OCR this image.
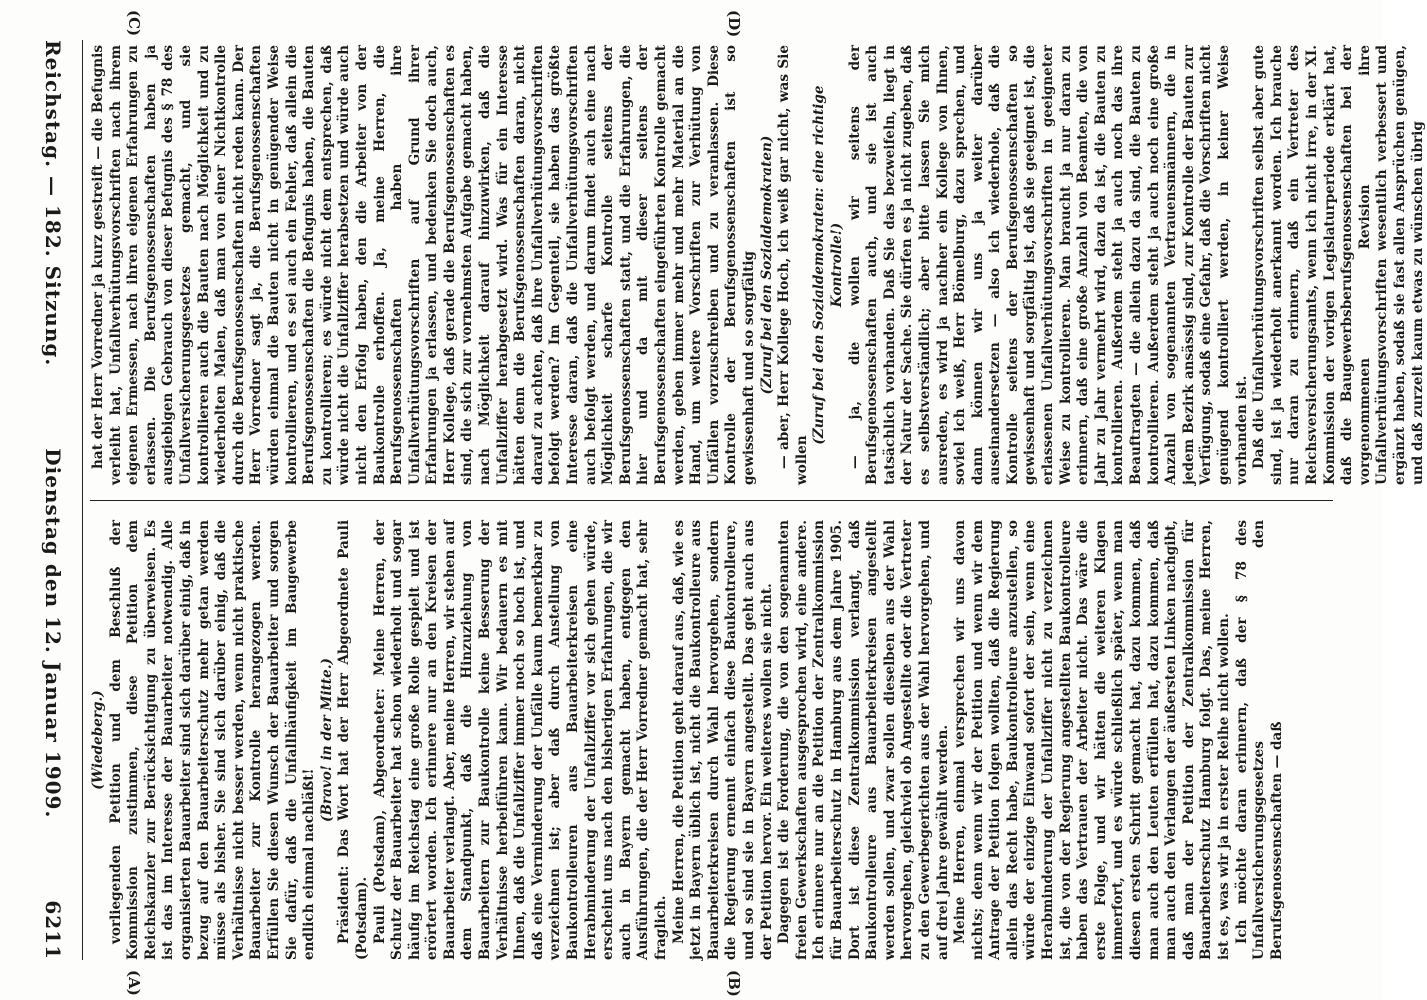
Reichstag. — 182. Sitzung.
Dienstag den 12. Januar 1909.
6211
(A)	(B)
(C)	(D)

(Wiedeberg.) vorliegenden Petition und dem Beschluß der Kommission zustimmen, diese Petition dem Reichskanzler zur Berücksichtigung zu überweisen. Es ist das im Interesse der Bauarbeiter notwendig. Alle organisierten Bauarbeiter sind sich darüber einig, daß in bezug auf den Bauarbeiterschutz mehr getan werden müsse als bisher. Sie sind sich darüber einig, daß die Verhältnisse nicht besser werden, wenn nicht praktische Bauarbeiter zur Kontrolle herangezogen werden. Erfüllen Sie diesen Wunsch der Bauarbeiter und sorgen Sie dafür, daß die Unfallhäufigkeit im Baugewerbe endlich einmal nachläßt!

(Bravo! in der Mitte.) Präsident: Das Wort hat der Herr Abgeordnete Pauli (Potsdam). Pauli (Potsdam), Abgeordneter: Meine Herren, der Schutz der Bauarbeiter hat schon wiederholt und sogar häufig im Reichstag eine große Rolle gespielt und ist erörtert worden. Ich erinnere nur an den Kreisen der Bauarbeiter verlangt. Aber, meine Herren, wir stehen auf dem Standpunkt, daß die Hinzuziehung von Bauarbeitern zur Baukontrolle keine Besserung der Verhältnisse herbeiführen kann. Wir bedauern es mit Ihnen, daß die Unfallziffer immer noch so hoch ist, und daß eine Verminderung der Unfälle kaum bemerkbar zu verzeichnen ist; aber daß durch Anstellung von Baukontrolleuren aus Bauarbeiterkreisen eine Herabminderung der Unfallziffer vor sich gehen würde, erscheint uns nach den bisherigen Erfahrungen, die wir auch in Bayern gemacht haben, entgegen den Ausführungen, die der Herr Vorredner gemacht hat, sehr fraglich. Meine Herren, die Petition geht darauf aus, daß, wie es jetzt in Bayern üblich ist, nicht die Baukontrolleure aus Bauarbeiterkreisen durch Wahl hervorgehen, sondern die Regierung ernennt einfach diese Baukontrolleure, und so sind sie in Bayern angestellt. Das geht auch aus der Petition hervor. Ein weiteres wollen sie nicht. Dagegen ist die Forderung, die von den sogenannten freien Gewerkschaften ausgesprochen wird, eine andere. Ich erinnere nur an die Petition der Zentralkommission für Bauarbeiterschutz in Hamburg aus dem Jahre 1905. Dort ist diese Zentralkommission verlangt, daß Baukontrolleure aus Bauarbeiterkreisen angestellt werden sollen, und zwar sollen dieselben aus der Wahl hervorgehen, gleichviel ob Angestellte oder die Vertreter zu den Gewerbegerichten aus der Wahl hervorgehen, und auf drei Jahre gewählt werden. Meine Herren, einmal versprechen wir uns davon nichts; denn wenn wir der Petition und wenn wir dem Antrage der Petition folgen wollten, daß die Regierung allein das Recht habe, Baukontrolleure anzustellen, so würde der einzige Einwand sofort der sein, wenn eine Herabminderung der Unfallziffer nicht zu verzeichnen ist, die von der Regierung angestellten Baukontrolleure haben das Vertrauen der Arbeiter nicht. Das wäre die erste Folge, und wir hätten die weiteren Klagen immerfort, und es würde schließlich später, wenn man diesen ersten Schritt gemacht hat, dazu kommen, daß man auch den Leuten erfüllen hat, dazu kommen, daß man auch den Verlangen der äußersten Linken nachgibt, daß man der Petition der Zentralkommission für Bauarbeiterschutz Hamburg folgt. Das, meine Herren, ist es, was wir ja in erster Reihe nicht wollen. Ich möchte daran erinnern, daß der § 78 des Unfallversicherungsgesetzes den Berufsgenossenschaften — daß

hat der Herr Vorredner ja kurz gestreift — die Befugnis verleiht hat, Unfallverhütungsvorschriften nach ihrem eigenen Ermessen, nach ihren eigenen Erfahrungen zu erlassen. Die Berufsgenossenschaften haben ja ausgiebigen Gebrauch von dieser Befugnis des § 78 des Unfallversicherungsgesetzes gemacht, und sie kontrollieren auch die Bauten nach Möglichkeit und zu wiederholten Malen, daß man von einer Nichtkontrolle durch die Berufsgenossenschaften nicht reden kann. Der Herr Vorredner sagt ja, die Berufsgenossenschaften würden einmal die Bauten nicht in genügender Weise kontrollieren, und es sei auch ein Fehler, daß allein die Berufsgenossenschaften die Befugnis haben, die Bauten zu kontrollieren; es würde nicht dem entsprechen, daß würde nicht die Unfallziffer herabsetzen und würde auch nicht den Erfolg haben, den die Arbeiter von der Baukontrolle erhoffen. Ja, meine Herren, die Berufsgenossenschaften haben ihre Unfallverhütungsvorschriften auf Grund ihrer Erfahrungen ja erlassen, und bedenken Sie doch auch, Herr Kollege, daß gerade die Berufsgenossenschaften es sind, die sich zur vornehmsten Aufgabe gemacht haben, nach Möglichkeit darauf hinzuwirken, daß die Unfallziffer herabgesetzt wird. Was für ein Interesse hätten denn die Berufsgenossenschaften daran, nicht darauf zu achten, daß ihre Unfallverhütungsvorschriften befolgt werden? Im Gegenteil, sie haben das größte Interesse daran, daß die Unfallverhütungsvorschriften auch befolgt werden, und darum findet auch eine nach Möglichkeit scharfe Kontrolle seitens der Berufsgenossenschaften statt, und die Erfahrungen, die hier und da mit dieser seitens der Berufsgenossenschaften eingeführten Kontrolle gemacht werden, geben immer mehr und mehr Material an die Hand, um weitere Vorschriften zur Verhütung von Unfällen vorzuschreiben und zu veranlassen. Diese Kontrolle der Berufsgenossenschaften ist so gewissenhaft und so sorgfältig (Zuruf bei den Sozialdemokraten) — aber, Herr Kollege Hoch, ich weiß gar nicht, was Sie wollen

(Zuruf bei den Sozialdemokraten: eine richtige Kontrolle!) — ja, die wollen wir seitens der Berufsgenossenschaften auch, und sie ist auch tatsächlich vorhanden. Daß Sie das bezweifeln, liegt in der Natur der Sache. Sie dürfen es ja nicht zugeben, daß es selbstverständlich; aber bitte lassen Sie mich ausreden, es wird ja nachher ein Kollege von Ihnen, soviel ich weiß, Herr Bömelburg, dazu sprechen, und dann können wir uns ja weiter darüber auseinandersetzen — also ich wiederhole, daß die Kontrolle seitens der Berufsgenossenschaften so gewissenhaft und sorgfältig ist, daß sie geeignet ist, die erlassenen Unfallverhütungsvorschriften in geeigneter Weise zu kontrollieren. Man braucht ja nur daran zu erinnern, daß eine große Anzahl von Beamten, die von Jahr zu Jahr vermehrt wird, dazu da ist, die Bauten zu kontrollieren. Außerdem steht ja auch noch das ihre Beauftragten — die allein dazu da sind, die Bauten zu kontrollieren. Außerdem steht ja auch noch eine große Anzahl von sogenannten Vertrauensmännern, die in jedem Bezirk ansässig sind, zur Kontrolle der Bauten zur Verfügung, sodaß eine Gefahr, daß die Vorschriften nicht genügend kontrolliert werden, in keiner Weise vorhanden ist. Daß die Unfallverhütungsvorschriften selbst aber gute sind, ist ja wiederholt anerkannt worden. Ich brauche nur daran zu erinnern, daß ein Vertreter des Reichsversicherungsamts, wenn ich nicht irre, in der XI. Kommission der vorigen Legislaturperiode erklärt hat, daß die Baugewerbsberufsgenossenschaften bei der vorgenommenen Revision ihre Unfallverhütungsvorschriften wesentlich verbessert und ergänzt haben, sodaß sie fast allen Ansprüchen genügen, und daß zurzeit kaum etwas zu wünschen übrig
